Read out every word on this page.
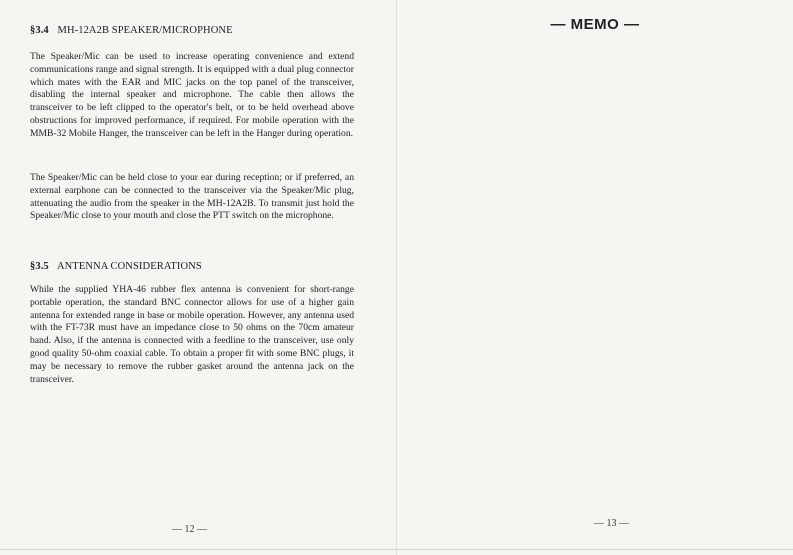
§3.4 MH-12A2B SPEAKER/MICROPHONE

The Speaker/Mic can be used to increase operating convenience and extend communications range and signal strength. It is equipped with a dual plug connector which mates with the EAR and MIC jacks on the top panel of the transceiver, disabling the internal speaker and microphone. The cable then allows the transceiver to be left clipped to the operator's belt, or to be held overhead above obstructions for improved performance, if required. For mobile operation with the MMB-32 Mobile Hanger, the transceiver can be left in the Hanger during operation.

The Speaker/Mic can be held close to your ear during reception; or if preferred, an external earphone can be connected to the transceiver via the Speaker/Mic plug, attenuating the audio from the speaker in the MH-12A2B. To transmit just hold the Speaker/Mic close to your mouth and close the PTT switch on the microphone.

§3.5 ANTENNA CONSIDERATIONS

While the supplied YHA-46 rubber flex antenna is convenient for short-range portable operation, the standard BNC connector allows for use of a higher gain antenna for extended range in base or mobile operation. However, any antenna used with the FT-73R must have an impedance close to 50 ohms on the 70cm amateur band. Also, if the antenna is connected with a feedline to the transceiver, use only good quality 50-ohm coaxial cable. To obtain a proper fit with some BNC plugs, it may be necessary to remove the rubber gasket around the antenna jack on the transceiver.

— 12 —
— MEMO —
— 13 —
